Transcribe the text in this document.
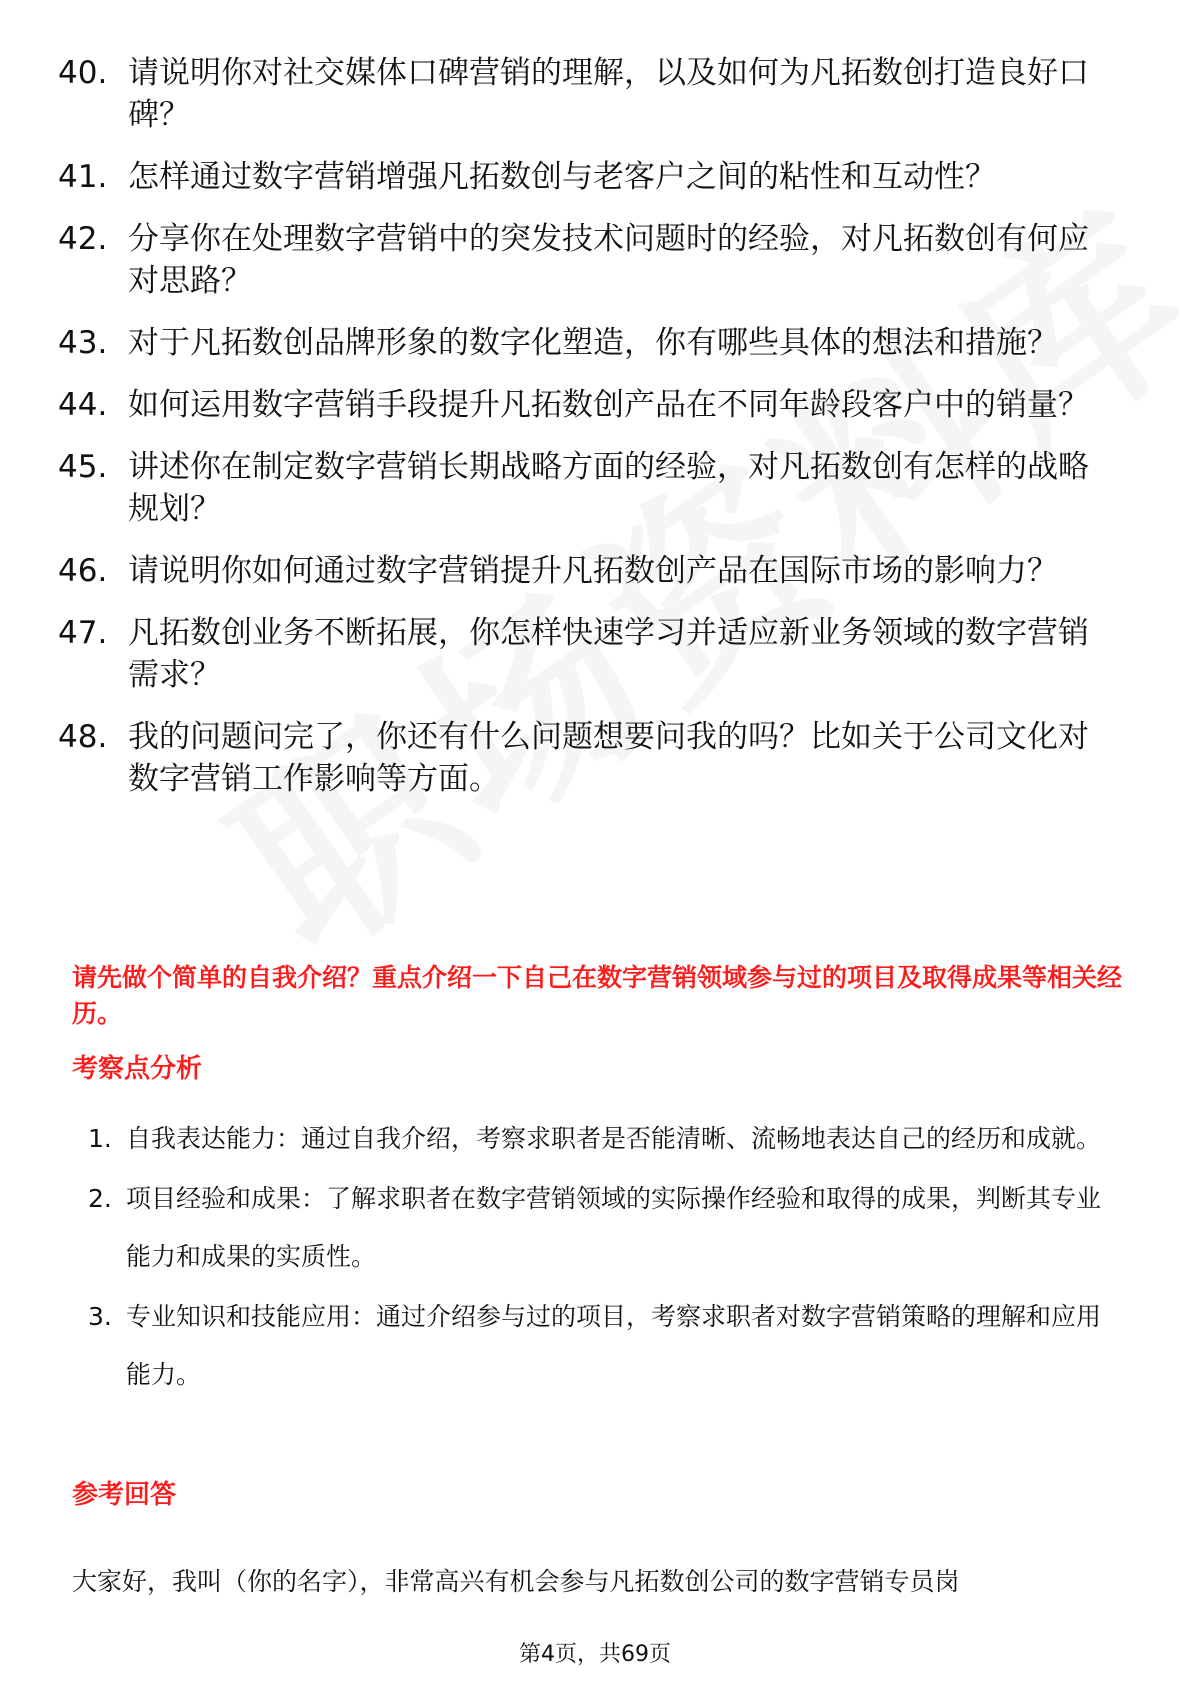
40. 请说明你对社交媒体口碑营销的理解，以及如何为凡拓数创打造良好口碑？
41. 怎样通过数字营销增强凡拓数创与老客户之间的粘性和互动性？
42. 分享你在处理数字营销中的突发技术问题时的经验，对凡拓数创有何应对思路？
43. 对于凡拓数创品牌形象的数字化塑造，你有哪些具体的想法和措施？
44. 如何运用数字营销手段提升凡拓数创产品在不同年龄段客户中的销量？
45. 讲述你在制定数字营销长期战略方面的经验，对凡拓数创有怎样的战略规划？
46. 请说明你如何通过数字营销提升凡拓数创产品在国际市场的影响力？
47. 凡拓数创业务不断拓展，你怎样快速学习并适应新业务领域的数字营销需求？
48. 我的问题问完了，你还有什么问题想要问我的吗？比如关于公司文化对数字营销工作影响等方面。

请先做个简单的自我介绍？重点介绍一下自己在数字营销领域参与过的项目及取得成果等相关经历。

考察点分析
1. 自我表达能力：通过自我介绍，考察求职者是否能清晰、流畅地表达自己的经历和成就。
2. 项目经验和成果：了解求职者在数字营销领域的实际操作经验和取得的成果，判断其专业能力和成果的实质性。
3. 专业知识和技能应用：通过介绍参与过的项目，考察求职者对数字营销策略的理解和应用能力。
参考回答

大家好，我叫（你的名字），非常高兴有机会参与凡拓数创公司的数字营销专员岗

第4页，共69页
